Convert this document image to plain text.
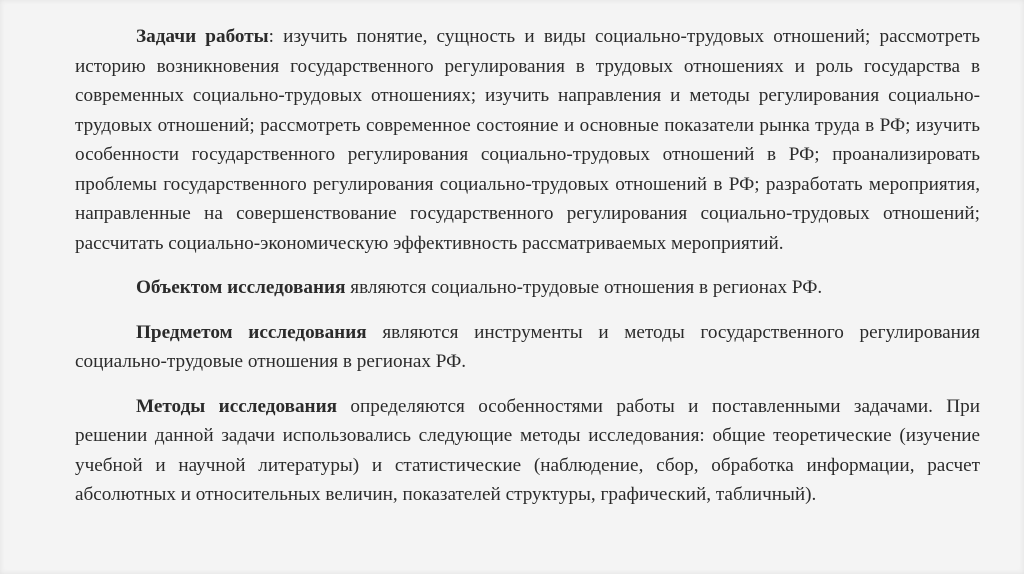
Задачи работы: изучить понятие, сущность и виды социально-трудовых отношений; рассмотреть историю возникновения государственного регулирования в трудовых отношениях и роль государства в современных социально-трудовых отношениях; изучить направления и методы регулирования социально-трудовых отношений; рассмотреть современное состояние и основные показатели рынка труда в РФ; изучить особенности государственного регулирования социально-трудовых отношений в РФ; проанализировать проблемы государственного регулирования социально-трудовых отношений в РФ; разработать мероприятия, направленные на совершенствование государственного регулирования социально-трудовых отношений; рассчитать социально-экономическую эффективность рассматриваемых мероприятий.

Объектом исследования являются социально-трудовые отношения в регионах РФ.

Предметом исследования являются инструменты и методы государственного регулирования социально-трудовые отношения в регионах РФ.

Методы исследования определяются особенностями работы и поставленными задачами. При решении данной задачи использовались следующие методы исследования: общие теоретические (изучение учебной и научной литературы) и статистические (наблюдение, сбор, обработка информации, расчет абсолютных и относительных величин, показателей структуры, графический, табличный).
